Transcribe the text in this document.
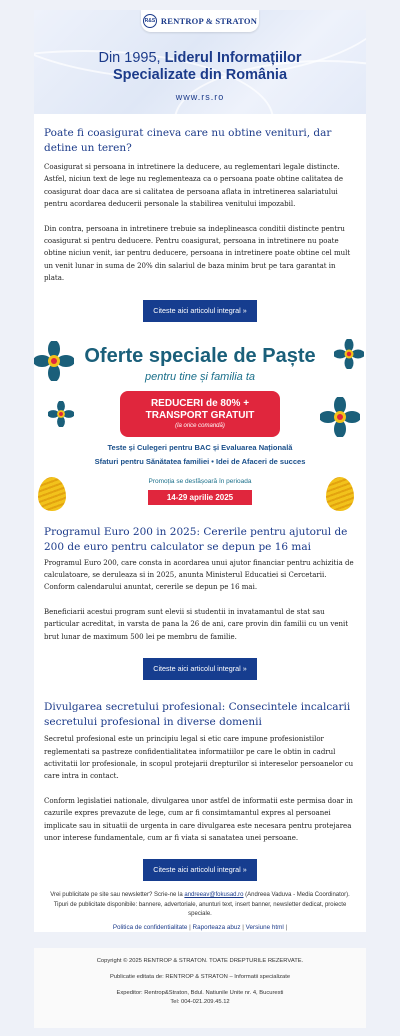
R&S RENTROP & STRATON
Din 1995, Liderul Informațiilor
Specializate din România
www.rs.ro
Poate fi coasigurat cineva care nu obtine venituri, dar detine un teren?
Coasigurat si persoana in intretinere la deducere, au reglementari legale distincte. Astfel, niciun text de lege nu reglementeaza ca o persoana poate obtine calitatea de coasigurat doar daca are si calitatea de persoana aflata in intretinerea salariatului pentru acordarea deducerii personale la stabilirea venitului impozabil.
Din contra, persoana in intretinere trebuie sa indeplineasca conditii distincte pentru coasigurat si pentru deducere. Pentru coasigurat, persoana in intretinere nu poate obtine niciun venit, iar pentru deducere, persoana in intretinere poate obtine cel mult un venit lunar in suma de 20% din salariul de baza minim brut pe tara garantat in plata.
Citeste aici articolul integral »
Oferte speciale de Paște
pentru tine și familia ta
REDUCERI de 80% +
TRANSPORT GRATUIT
(la orice comandă)
Teste și Culegeri pentru BAC și Evaluarea Națională
Sfaturi pentru Sănătatea familiei • Idei de Afaceri de succes
Promoția se desfășoară în perioada
14-29 aprilie 2025
Programul Euro 200 in 2025: Cererile pentru ajutorul de 200 de euro pentru calculator se depun pe 16 mai
Programul Euro 200, care consta in acordarea unui ajutor financiar pentru achizitia de calculatoare, se deruleaza si in 2025, anunta Ministerul Educatiei si Cercetarii. Conform calendarului anuntat, cererile se depun pe 16 mai.
Beneficiarii acestui program sunt elevii si studentii in invatamantul de stat sau particular acreditat, in varsta de pana la 26 de ani, care provin din familii cu un venit brut lunar de maximum 500 lei pe membru de familie.
Citeste aici articolul integral »
Divulgarea secretului profesional: Consecintele incalcarii secretului profesional in diverse domenii
Secretul profesional este un principiu legal si etic care impune profesionistilor reglementati sa pastreze confidentialitatea informatiilor pe care le obtin in cadrul activitatii lor profesionale, in scopul protejarii drepturilor si intereselor persoanelor cu care intra in contact.
Conform legislatiei nationale, divulgarea unor astfel de informatii este permisa doar in cazurile expres prevazute de lege, cum ar fi consimtamantul expres al persoanei implicate sau in situatii de urgenta in care divulgarea este necesara pentru protejarea unor interese fundamentale, cum ar fi viata si sanatatea unei persoane.
Citeste aici articolul integral »
Vrei publicitate pe site sau newsletter? Scrie-ne la andreeav@fokusad.ro (Andreea Vaduva - Media Coordinator). Tipuri de publicitate disponibile: bannere, advertoriale, anunturi text, insert banner, newsletter dedicat, proiecte speciale.
Politica de confidentialitate | Raporteaza abuz | Versiune html |
Copyright © 2025 RENTROP & STRATON. TOATE DREPTURILE REZERVATE.
Publicatie editata de: RENTROP & STRATON – Informatii specializate
Expeditor: Rentrop&Straton, Bdul. Natiunile Unite nr. 4, Bucuresti
Tel: 004-021.209.45.12
